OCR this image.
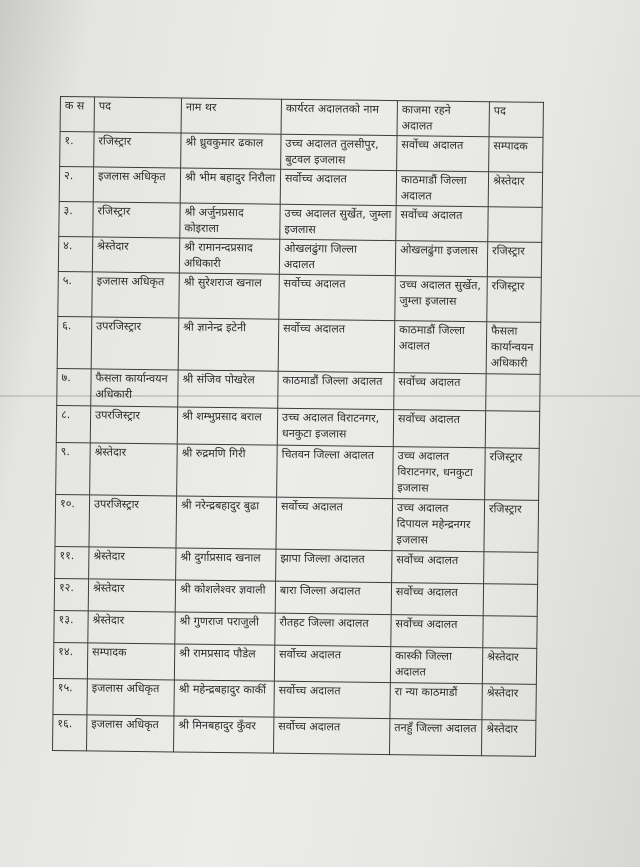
क स	पद	नाम थर	कार्यरत अदालतको नाम	काजमा रहने अदालत	पद
१.	रजिस्ट्रार	श्री ध्रुवकुमार ढकाल	उच्च अदालत तुलसीपुर, बुटवल इजलास	सर्वोच्च अदालत	सम्पादक
२.	इजलास अधिकृत	श्री भीम बहादुर निरौला	सर्वोच्च अदालत	काठमाडौं जिल्ला अदालत	श्रेस्तेदार
३.	रजिस्ट्रार	श्री अर्जुनप्रसाद कोइराला	उच्च अदालत सुर्खेत, जुम्ला इजलास	सर्वोच्च अदालत	
४.	श्रेस्तेदार	श्री रामानन्दप्रसाद अधिकारी	ओखलढुंगा जिल्ला अदालत	ओखलढुंगा इजलास	रजिस्ट्रार
५.	इजलास अधिकृत	श्री सुरेशराज खनाल	सर्वोच्च अदालत	उच्च अदालत सुर्खेत, जुम्ला इजलास	रजिस्ट्रार
६.	उपरजिस्ट्रार	श्री ज्ञानेन्द्र इटेनी	सर्वोच्च अदालत	काठमाडौं जिल्ला अदालत	फैसला कार्यान्वयन अधिकारी
७.	फैसला कार्यान्वयन अधिकारी	श्री संजिव पोखरेल	काठमाडौं जिल्ला अदालत	सर्वोच्च अदालत	
८.	उपरजिस्ट्रार	श्री शम्भुप्रसाद बराल	उच्च अदालत विराटनगर, धनकुटा इजलास	सर्वोच्च अदालत	
९.	श्रेस्तेदार	श्री रुद्रमणि गिरी	चितवन जिल्ला अदालत	उच्च अदालत विराटनगर, धनकुटा इजलास	रजिस्ट्रार
१०.	उपरजिस्ट्रार	श्री नरेन्द्रबहादुर बुढा	सर्वोच्च अदालत	उच्च अदालत दिपायल महेन्द्रनगर इजलास	रजिस्ट्रार
११.	श्रेस्तेदार	श्री दुर्गाप्रसाद खनाल	झापा जिल्ला अदालत	सर्वोच्च अदालत	
१२.	श्रेस्तेदार	श्री कोशलेश्वर ज्ञवाली	बारा जिल्ला अदालत	सर्वोच्च अदालत	
१३.	श्रेस्तेदार	श्री गुणराज पराजुली	रौतहट जिल्ला अदालत	सर्वोच्च अदालत	
१४.	सम्पादक	श्री रामप्रसाद पौडेल	सर्वोच्च अदालत	कास्की जिल्ला अदालत	श्रेस्तेदार
१५.	इजलास अधिकृत	श्री महेन्द्रबहादुर कार्की	सर्वोच्च अदालत	रा न्या काठमाडौं	श्रेस्तेदार
१६.	इजलास अधिकृत	श्री मिनबहादुर कुँवर	सर्वोच्च अदालत	तनहुँ जिल्ला अदालत	श्रेस्तेदार
